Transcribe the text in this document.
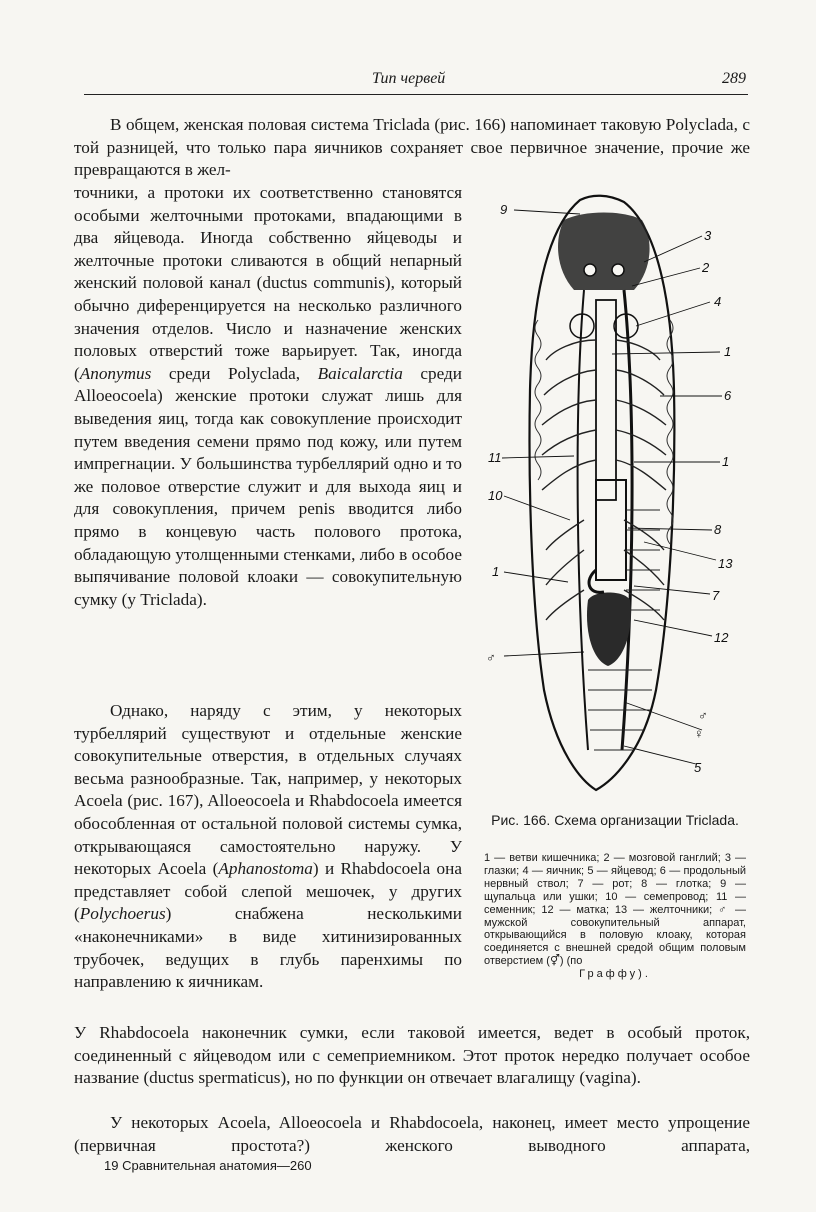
Тип червей	289
В общем, женская половая система Triclada (рис. 166) напоминает таковую Polyclada, с той разницей, что только пара яичников сохраняет свое первичное значение, прочие же превращаются в жел-
точники, а протоки их соответственно становятся особыми желточными протоками, впадающими в два яйцевода. Иногда собственно яйцеводы и желточные протоки сливаются в общий непарный женский половой канал (ductus communis), который обычно диференцируется на несколько различного значения отделов. Число и назначение женских половых отверстий тоже варьирует. Так, иногда (Anonymus среди Polyclada, Baicalarctia среди Alloeocoela) женские протоки служат лишь для выведения яиц, тогда как совокупление происходит путем введения семени прямо под кожу, или путем импрегнации. У большинства турбеллярий одно и то же половое отверстие служит и для выхода яиц и для совокупления, причем penis вводится либо прямо в концевую часть полового протока, обладающую утолщенными стенками, либо в особое выпячивание половой клоаки — совокупительную сумку (у Triclada).
Однако, наряду с этим, у некоторых турбеллярий существуют и отдельные женские совокупительные отверстия, в отдельных случаях весьма разнообразные. Так, например, у некоторых Acoela (рис. 167), Alloeocoela и Rhabdocoela имеется обособленная от остальной половой системы сумка, открывающаяся самостоятельно наружу. У некоторых Acoela (Aphanostoma) и Rhabdocoela она представляет собой слепой мешочек, у других (Polychoerus) снабжена несколькими «наконечниками» в виде хитинизированных трубочек, ведущих в глубь паренхимы по направлению к яичникам.
У Rhabdocoela наконечник сумки, если таковой имеется, ведет в особый проток, соединенный с яйцеводом или с семеприемником. Этот проток нередко получает особое название (ductus spermaticus), но по функции он отвечает влагалищу (vagina).
У некоторых Acoela, Alloeocoela и Rhabdocoela, наконец, имеет место упрощение (первичная простота?) женского выводного аппарата,
9
3
2
4
1
6
11	1
10
8
13
1
7
12
♂
♂
♀
5
Рис. 166. Схема организации Triclada.
1 — ветви кишечника; 2 — мозговой ганглий; 3 — глазки; 4 — яичник; 5 — яйцевод; 6 — продольный нервный ствол; 7 — рот; 8 — глотка; 9 — щупальца или ушки; 10 — семепровод; 11 — семенник; 12 — матка; 13 — желточники; ♂ — мужской совокупительный аппарат, открывающийся в половую клоаку, которая соединяется с внешней средой общим половым отверстием (⚥) (по
Граффу).
19 Сравнительная анатомия—260
